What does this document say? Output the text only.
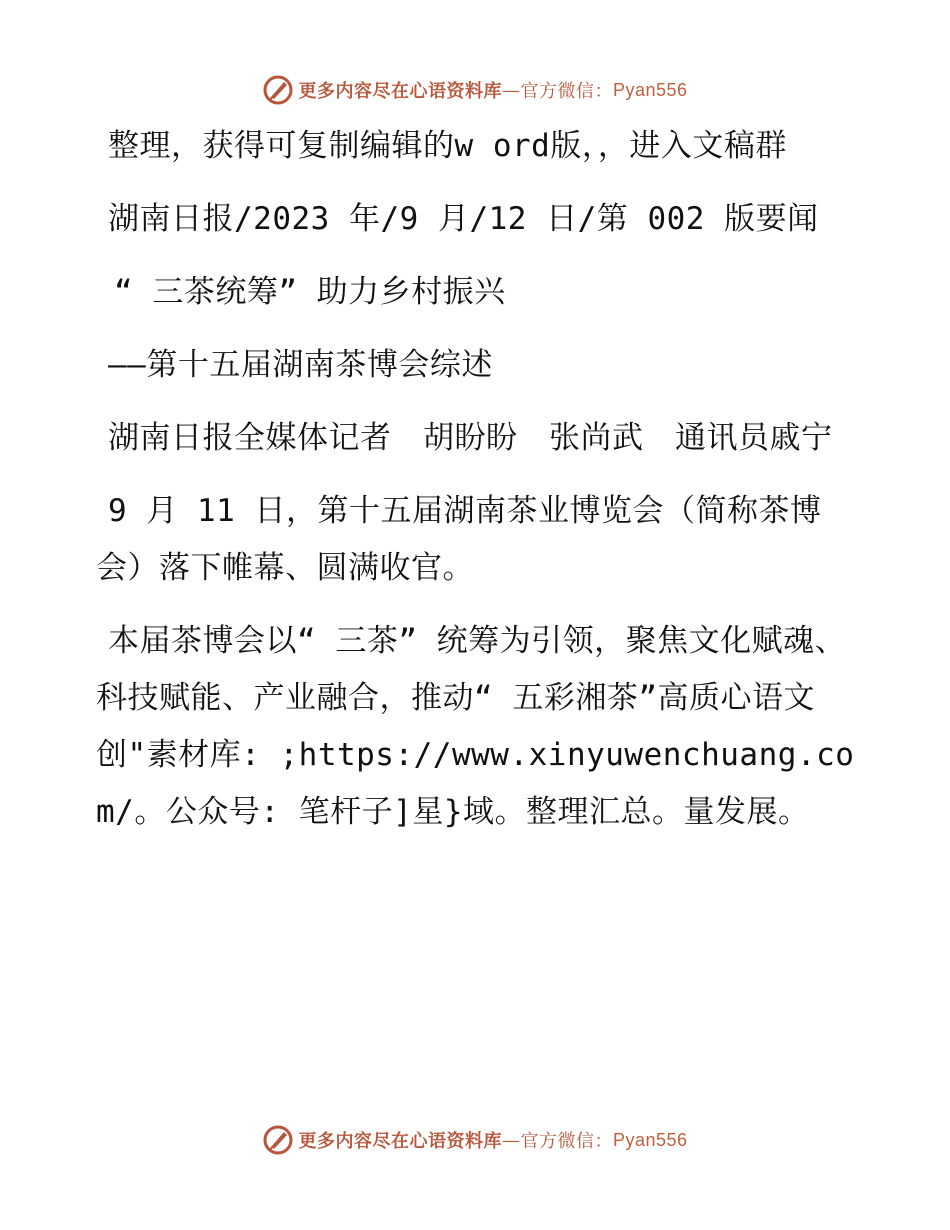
更多内容尽在心语资料库 — 官方微信： Pyan556

整理，获得可复制编辑的w ord版，，进入文稿群

湖南日报/2023 年/9 月/12 日/第 002 版要闻

“ 三茶统筹” 助力乡村振兴

——第十五届湖南茶博会综述

湖南日报全媒体记者　胡盼盼　张尚武　通讯员戚宁

9 月 11 日，第十五届湖南茶业博览会（简称茶博会）落下帷幕、圆满收官。

本届茶博会以“ 三茶” 统筹为引领，聚焦文化赋魂、科技赋能、产业融合，推动“ 五彩湘茶”高质心语文创"素材库: ;https://www.xinyuwenchuang.com/。公众号: 笔杆子]星}域。整理汇总。量发展。

更多内容尽在心语资料库 — 官方微信： Pyan556
